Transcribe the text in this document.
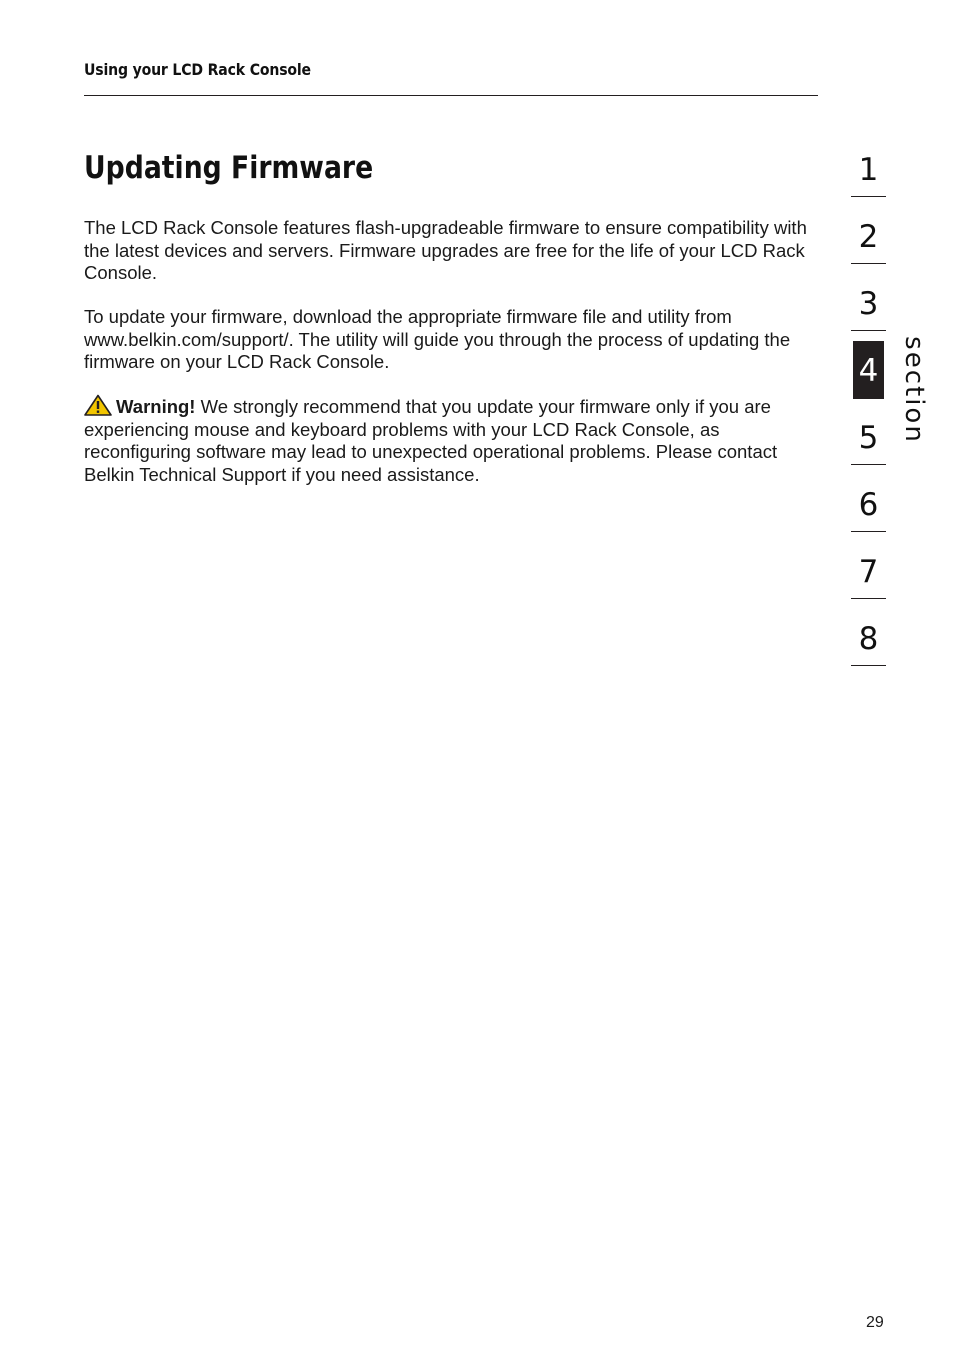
Using your LCD Rack Console
Updating Firmware

The LCD Rack Console features flash-upgradeable firmware to ensure compatibility with the latest devices and servers. Firmware upgrades are free for the life of your LCD Rack Console.

To update your firmware, download the appropriate firmware file and utility from www.belkin.com/support/. The utility will guide you through the process of updating the firmware on your LCD Rack Console.

Warning! We strongly recommend that you update your firmware only if you are experiencing mouse and keyboard problems with your LCD Rack Console, as reconfiguring software may lead to unexpected operational problems. Please contact Belkin Technical Support if you need assistance.

1
2
3
4
5
6
7
8
section
29
